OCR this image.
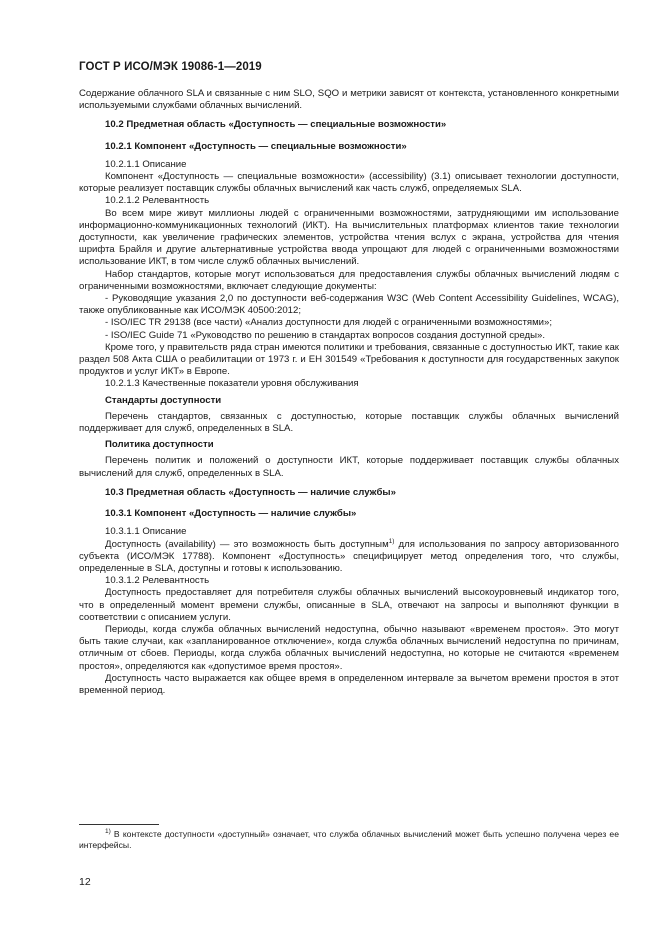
ГОСТ Р ИСО/МЭК 19086-1—2019

Содержание облачного SLA и связанные с ним SLO, SQO и метрики зависят от контекста, установленного конкретными используемыми службами облачных вычислений.

10.2 Предметная область «Доступность — специальные возможности»

10.2.1 Компонент «Доступность — специальные возможности»

10.2.1.1 Описание

Компонент «Доступность — специальные возможности» (accessibility) (3.1) описывает технологии доступности, которые реализует поставщик службы облачных вычислений как часть служб, определяемых SLA.

10.2.1.2 Релевантность

Во всем мире живут миллионы людей с ограниченными возможностями, затрудняющими им использование информационно-коммуникационных технологий (ИКТ). На вычислительных платформах клиентов такие технологии доступности, как увеличение графических элементов, устройства чтения вслух с экрана, устройства для чтения шрифта Брайля и другие альтернативные устройства ввода упрощают для людей с ограниченными возможностями использование ИКТ, в том числе служб облачных вычислений.

Набор стандартов, которые могут использоваться для предоставления службы облачных вычислений людям с ограниченными возможностями, включает следующие документы:

- Руководящие указания 2,0 по доступности веб-содержания W3C (Web Content Accessibility Guidelines, WCAG), также опубликованные как ИСО/МЭК 40500:2012;

- ISO/IEC TR 29138 (все части) «Анализ доступности для людей с ограниченными возможностями»;

- ISO/IEC Guide 71 «Руководство по решению в стандартах вопросов создания доступной среды».

Кроме того, у правительств ряда стран имеются политики и требования, связанные с доступностью ИКТ, такие как раздел 508 Акта США о реабилитации от 1973 г. и ЕН 301549 «Требования к доступности для государственных закупок продуктов и услуг ИКТ» в Европе.

10.2.1.3 Качественные показатели уровня обслуживания

Стандарты доступности

Перечень стандартов, связанных с доступностью, которые поставщик службы облачных вычислений поддерживает для служб, определенных в SLA.

Политика доступности

Перечень политик и положений о доступности ИКТ, которые поддерживает поставщик службы облачных вычислений для служб, определенных в SLA.

10.3 Предметная область «Доступность — наличие службы»

10.3.1 Компонент «Доступность — наличие службы»

10.3.1.1 Описание

Доступность (availability) — это возможность быть доступным$^{1)}$ для использования по запросу авторизованного субъекта (ИСО/МЭК 17788). Компонент «Доступность» специфицирует метод определения того, что службы, определенные в SLA, доступны и готовы к использованию.

10.3.1.2 Релевантность

Доступность предоставляет для потребителя службы облачных вычислений высокоуровневый индикатор того, что в определенный момент времени службы, описанные в SLA, отвечают на запросы и выполняют функции в соответствии с описанием услуги.

Периоды, когда служба облачных вычислений недоступна, обычно называют «временем простоя». Это могут быть такие случаи, как «запланированное отключение», когда служба облачных вычислений недоступна по причинам, отличным от сбоев. Периоды, когда служба облачных вычислений недоступна, но которые не считаются «временем простоя», определяются как «допустимое время простоя».

Доступность часто выражается как общее время в определенном интервале за вычетом времени простоя в этот временной период.

$^{1)}$ В контексте доступности «доступный» означает, что служба облачных вычислений может быть успешно получена через ее интерфейсы.
12
